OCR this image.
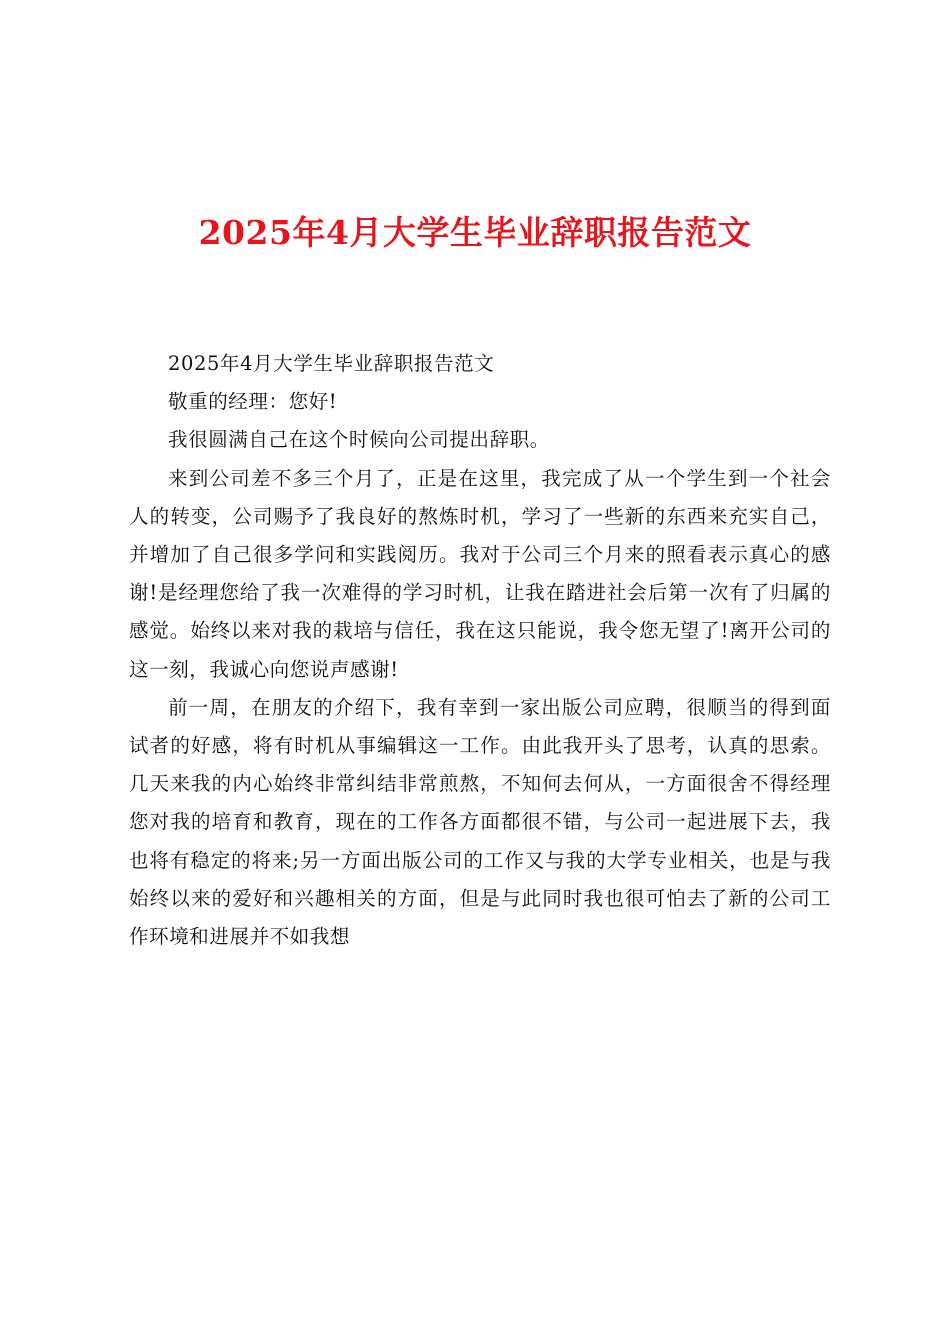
2025年4月大学生毕业辞职报告范文

2025年4月大学生毕业辞职报告范文

敬重的经理：您好!

我很圆满自己在这个时候向公司提出辞职。

来到公司差不多三个月了，正是在这里，我完成了从一个学生到一个社会人的转变，公司赐予了我良好的熬炼时机，学习了一些新的东西来充实自己，并增加了自己很多学问和实践阅历。我对于公司三个月来的照看表示真心的感谢!是经理您给了我一次难得的学习时机，让我在踏进社会后第一次有了归属的感觉。始终以来对我的栽培与信任，我在这只能说，我令您无望了!离开公司的这一刻，我诚心向您说声感谢!

前一周，在朋友的介绍下，我有幸到一家出版公司应聘，很顺当的得到面试者的好感，将有时机从事编辑这一工作。由此我开头了思考，认真的思索。几天来我的内心始终非常纠结非常煎熬，不知何去何从，一方面很舍不得经理您对我的培育和教育，现在的工作各方面都很不错，与公司一起进展下去，我也将有稳定的将来;另一方面出版公司的工作又与我的大学专业相关，也是与我始终以来的爱好和兴趣相关的方面，但是与此同时我也很可怕去了新的公司工作环境和进展并不如我想
